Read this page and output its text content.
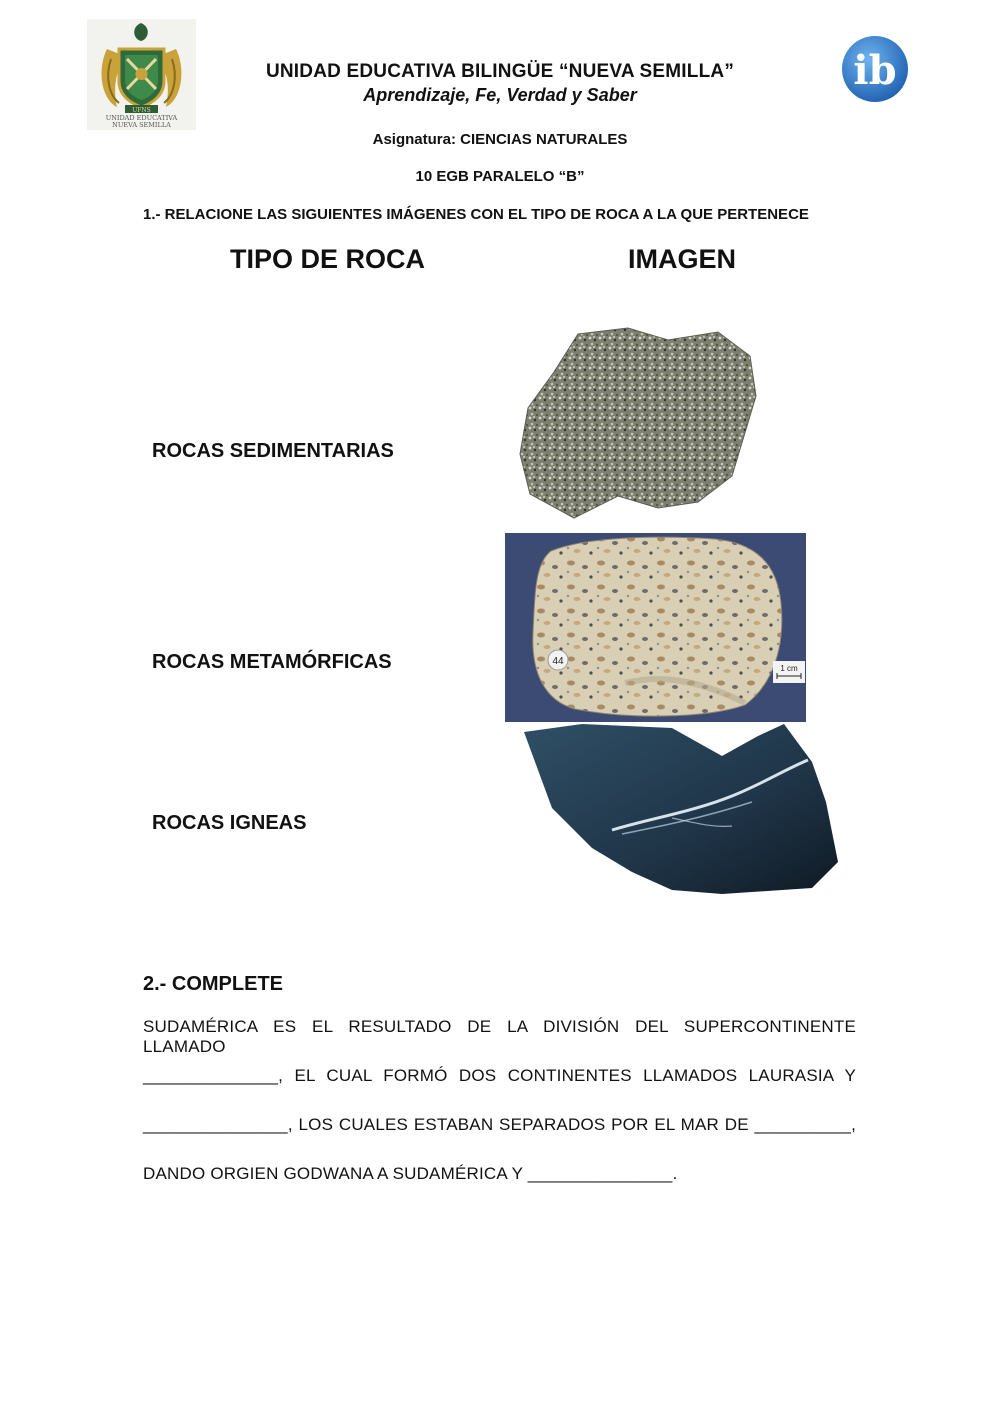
UFNS
UNIDAD EDUCATIVA
NUEVA SEMILLA
ib
UNIDAD EDUCATIVA BILINGÜE “NUEVA SEMILLA”
Aprendizaje, Fe, Verdad y Saber
Asignatura: CIENCIAS NATURALES
10 EGB PARALELO “B”
1.- RELACIONE LAS SIGUIENTES IMÁGENES CON EL TIPO DE ROCA A LA QUE PERTENECE
TIPO DE ROCA	IMAGEN
ROCAS SEDIMENTARIAS
ROCAS METAMÓRFICAS
ROCAS IGNEAS
44
1 cm
2.- COMPLETE
SUDAMÉRICA ES EL RESULTADO DE LA DIVISIÓN DEL SUPERCONTINENTE LLAMADO
______________, EL CUAL FORMÓ DOS CONTINENTES LLAMADOS LAURASIA Y
_______________, LOS CUALES ESTABAN SEPARADOS POR EL MAR DE __________,
DANDO ORGIEN GODWANA A SUDAMÉRICA Y _______________.
